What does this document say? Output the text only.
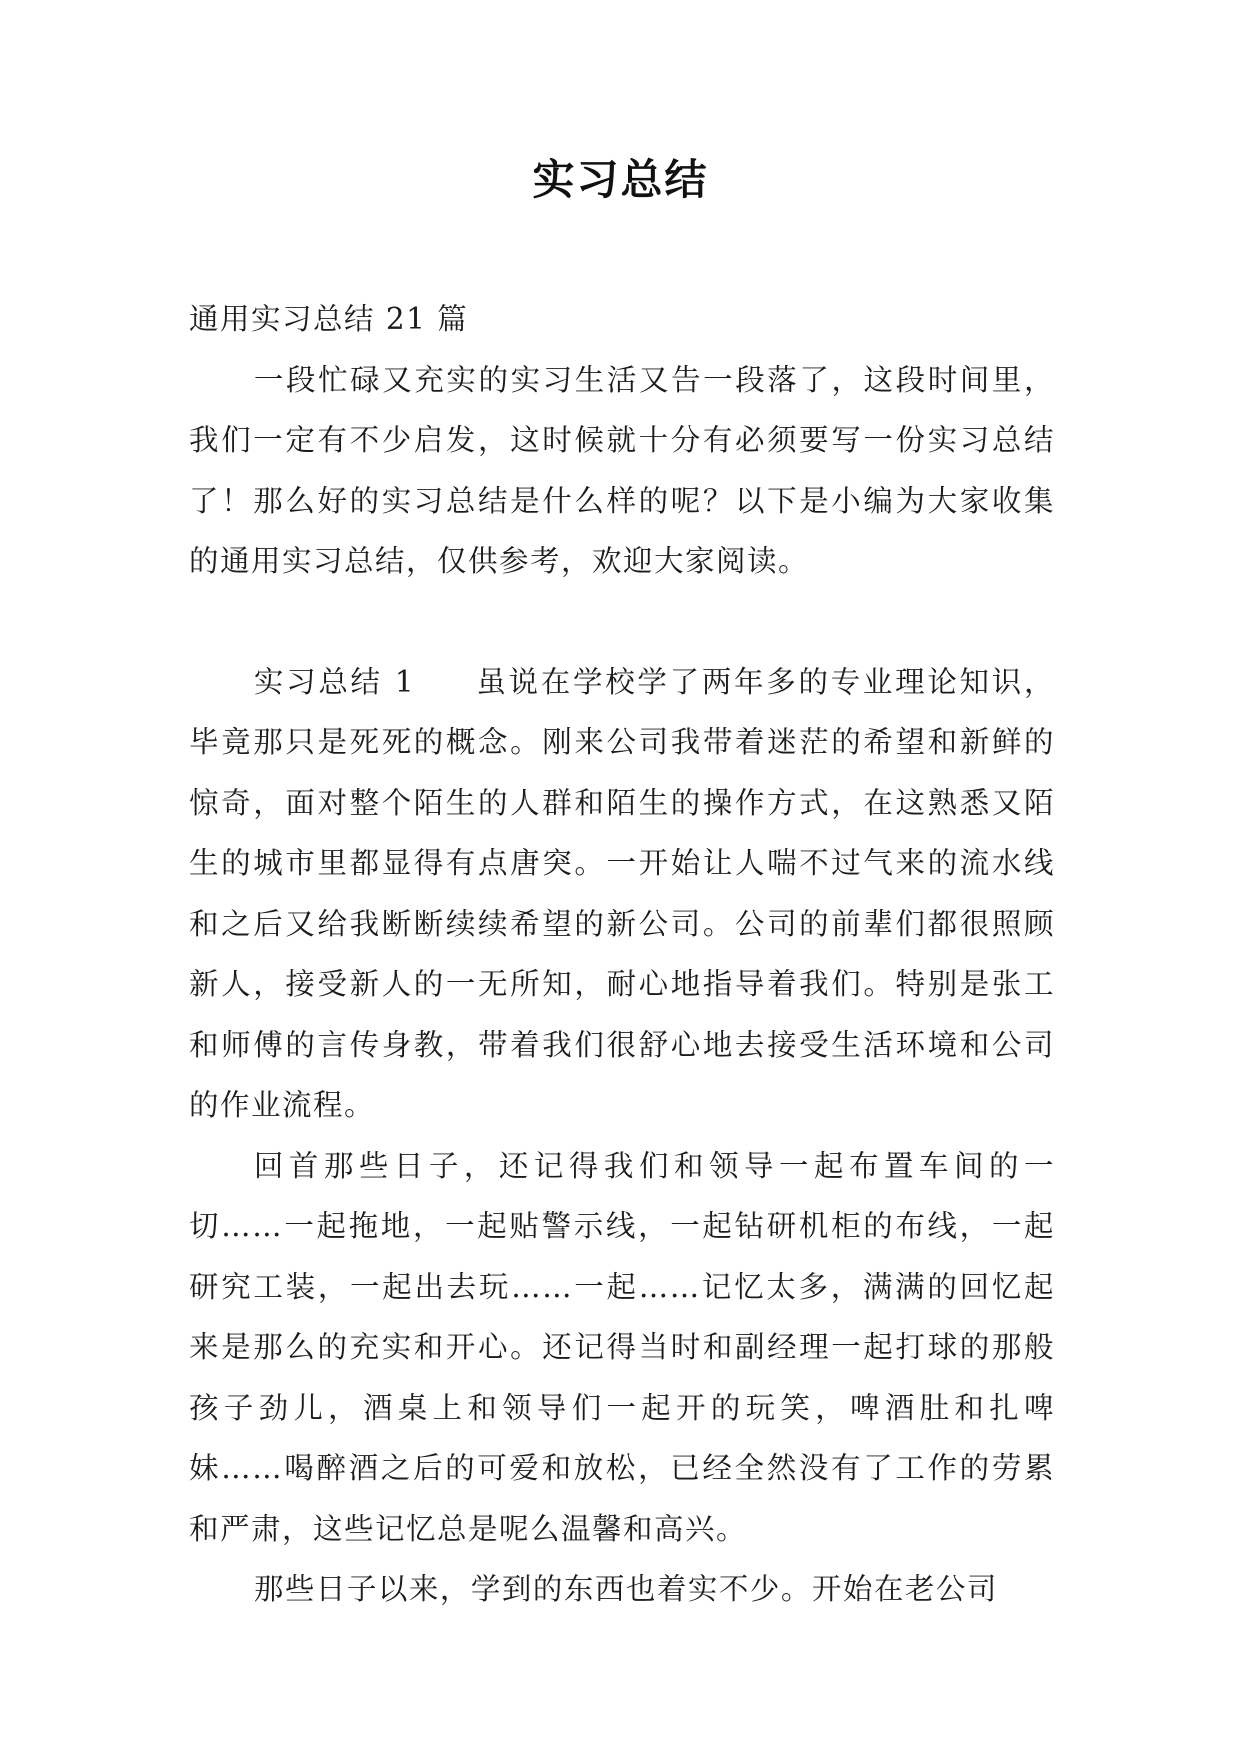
实习总结

通用实习总结 21 篇

一段忙碌又充实的实习生活又告一段落了，这段时间里，我们一定有不少启发，这时候就十分有必须要写一份实习总结了！那么好的实习总结是什么样的呢？以下是小编为大家收集的通用实习总结，仅供参考，欢迎大家阅读。

实习总结 1 虽说在学校学了两年多的专业理论知识，毕竟那只是死死的概念。刚来公司我带着迷茫的希望和新鲜的惊奇，面对整个陌生的人群和陌生的操作方式，在这熟悉又陌生的城市里都显得有点唐突。一开始让人喘不过气来的流水线和之后又给我断断续续希望的新公司。公司的前辈们都很照顾新人，接受新人的一无所知，耐心地指导着我们。特别是张工和师傅的言传身教，带着我们很舒心地去接受生活环境和公司的作业流程。

回首那些日子，还记得我们和领导一起布置车间的一切……一起拖地，一起贴警示线，一起钻研机柜的布线，一起研究工装，一起出去玩……一起……记忆太多，满满的回忆起来是那么的充实和开心。还记得当时和副经理一起打球的那般孩子劲儿，酒桌上和领导们一起开的玩笑，啤酒肚和扎啤妹……喝醉酒之后的可爱和放松，已经全然没有了工作的劳累和严肃，这些记忆总是呢么温馨和高兴。

那些日子以来，学到的东西也着实不少。开始在老公司
